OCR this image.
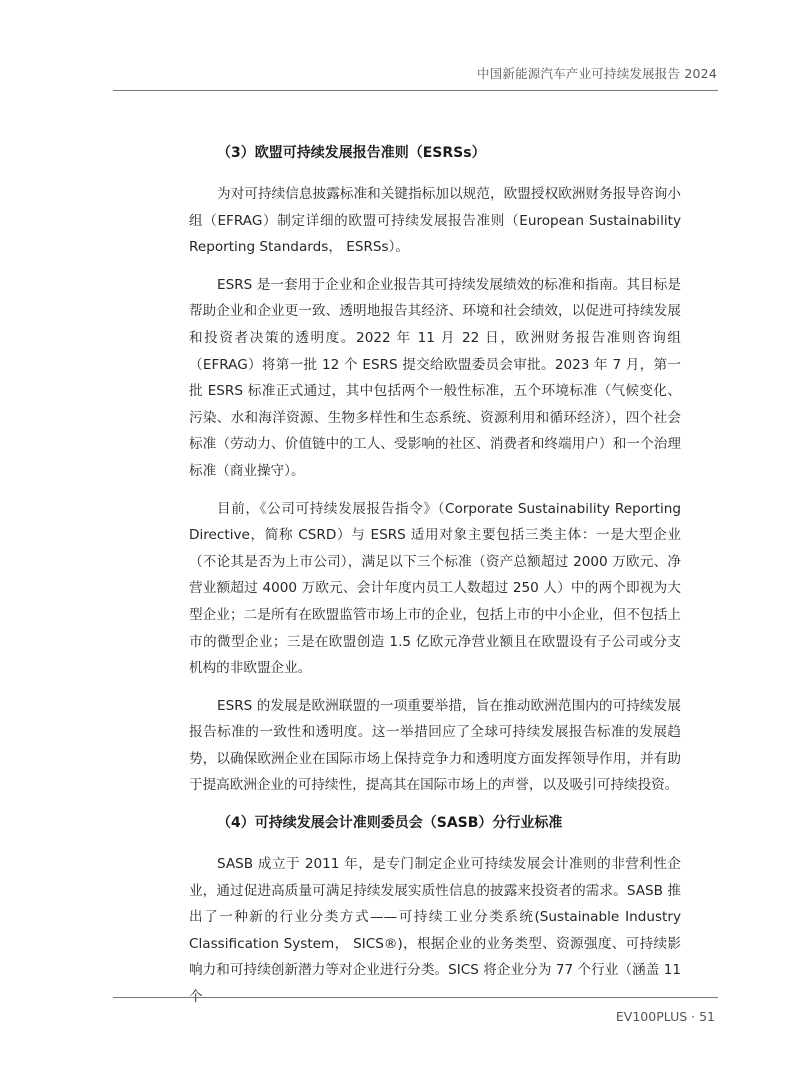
中国新能源汽车产业可持续发展报告 2024
（3）欧盟可持续发展报告准则（ESRSs）

为对可持续信息披露标准和关键指标加以规范，欧盟授权欧洲财务报导咨询小组（EFRAG）制定详细的欧盟可持续发展报告准则（European Sustainability Reporting Standards， ESRSs）。

ESRS 是一套用于企业和企业报告其可持续发展绩效的标准和指南。其目标是帮助企业和企业更一致、透明地报告其经济、环境和社会绩效，以促进可持续发展和投资者决策的透明度。2022 年 11 月 22 日，欧洲财务报告准则咨询组（EFRAG）将第一批 12 个 ESRS 提交给欧盟委员会审批。2023 年 7 月，第一批 ESRS 标准正式通过，其中包括两个一般性标准，五个环境标准（气候变化、污染、水和海洋资源、生物多样性和生态系统、资源利用和循环经济），四个社会标准（劳动力、价值链中的工人、受影响的社区、消费者和终端用户）和一个治理标准（商业操守）。

目前，《公司可持续发展报告指令》（Corporate Sustainability Reporting Directive，简称 CSRD）与 ESRS 适用对象主要包括三类主体：一是大型企业（不论其是否为上市公司），满足以下三个标准（资产总额超过 2000 万欧元、净营业额超过 4000 万欧元、会计年度内员工人数超过 250 人）中的两个即视为大型企业；二是所有在欧盟监管市场上市的企业，包括上市的中小企业，但不包括上市的微型企业；三是在欧盟创造 1.5 亿欧元净营业额且在欧盟设有子公司或分支机构的非欧盟企业。

ESRS 的发展是欧洲联盟的一项重要举措，旨在推动欧洲范围内的可持续发展报告标准的一致性和透明度。这一举措回应了全球可持续发展报告标准的发展趋势，以确保欧洲企业在国际市场上保持竞争力和透明度方面发挥领导作用，并有助于提高欧洲企业的可持续性，提高其在国际市场上的声誉，以及吸引可持续投资。

（4）可持续发展会计准则委员会（SASB）分行业标准

SASB 成立于 2011 年，是专门制定企业可持续发展会计准则的非营利性企业，通过促进高质量可满足持续发展实质性信息的披露来投资者的需求。SASB 推出了一种新的行业分类方式——可持续工业分类系统(Sustainable Industry Classification System， SICS®)，根据企业的业务类型、资源强度、可持续影响力和可持续创新潜力等对企业进行分类。SICS 将企业分为 77 个行业（涵盖 11 个

EV100PLUS · 51
